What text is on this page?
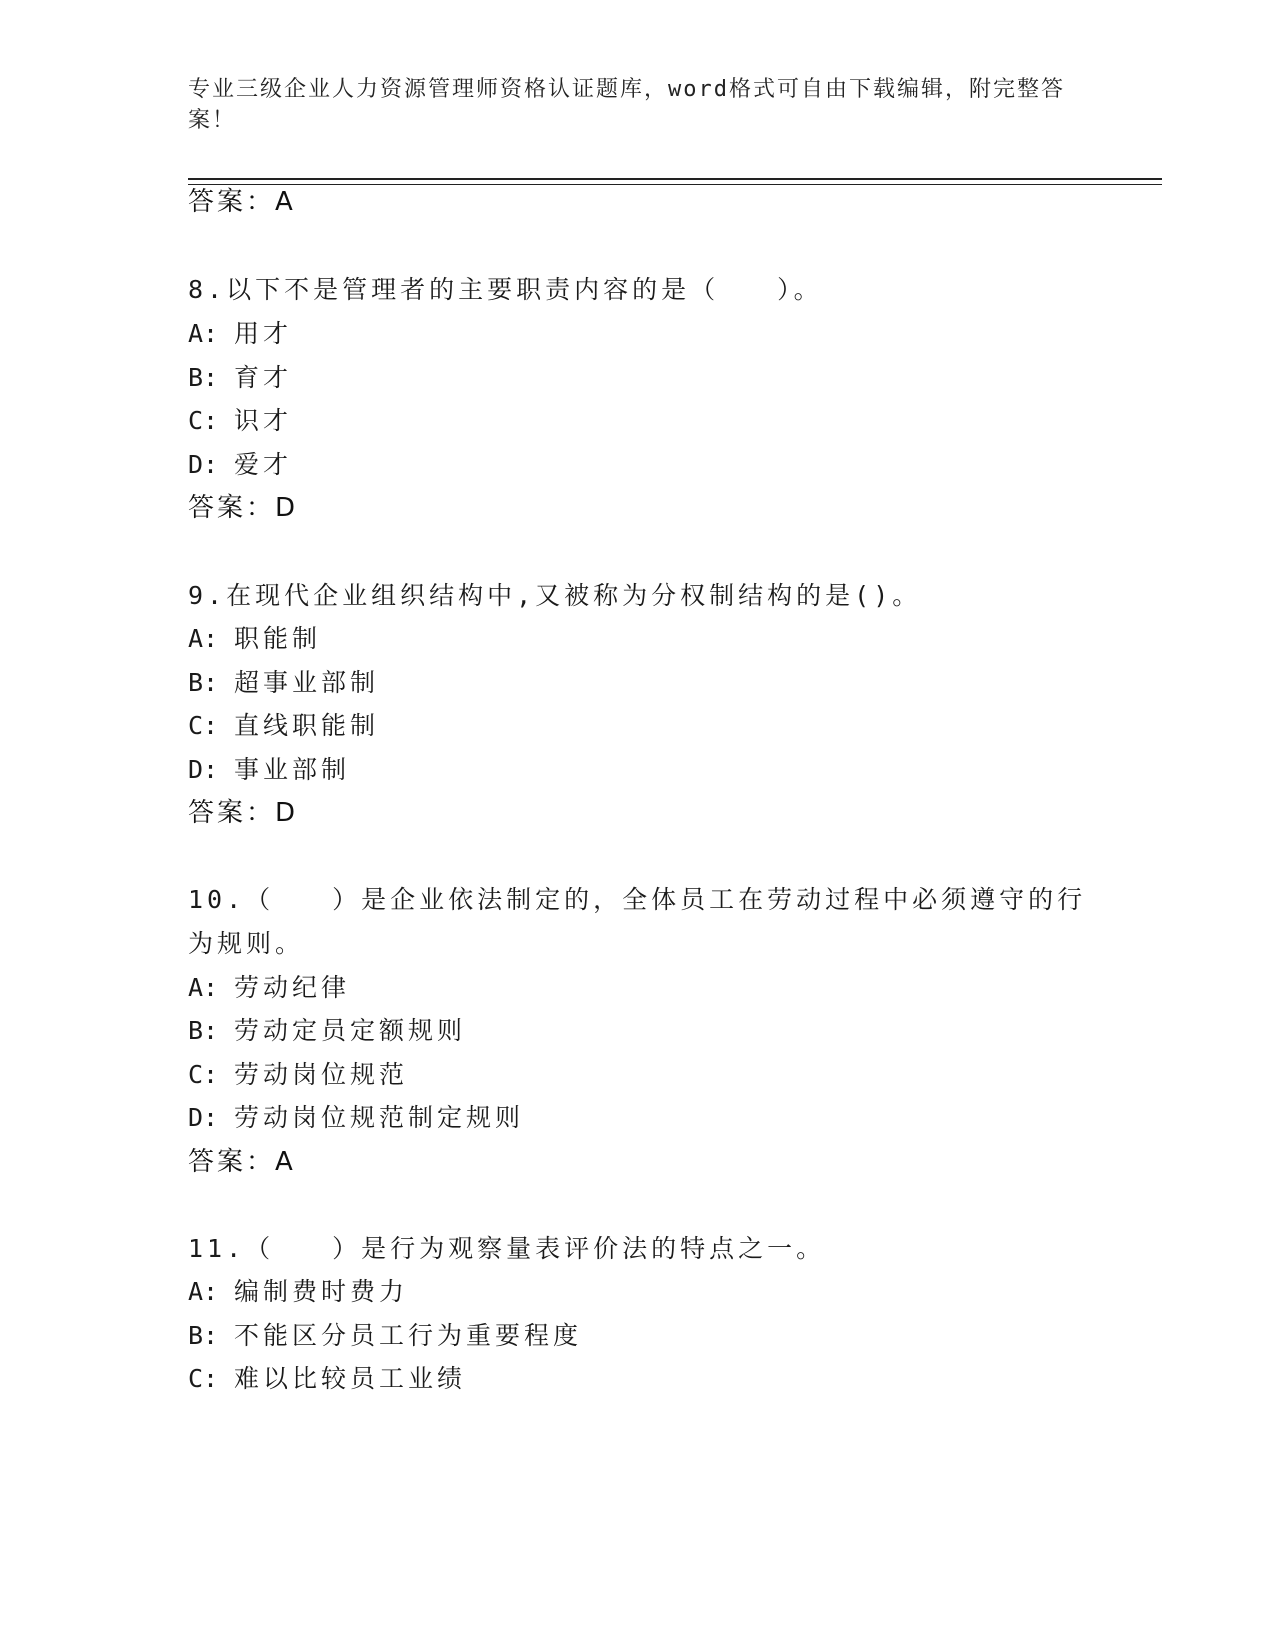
专业三级企业人力资源管理师资格认证题库，word格式可自由下载编辑，附完整答案！
答案：A
8.以下不是管理者的主要职责内容的是（　　）。
A: 用才
B: 育才
C: 识才
D: 爱才
答案：D
9.在现代企业组织结构中,又被称为分权制结构的是()。
A: 职能制
B: 超事业部制
C: 直线职能制
D: 事业部制
答案：D
10.（　　）是企业依法制定的，全体员工在劳动过程中必须遵守的行
为规则。
A: 劳动纪律
B: 劳动定员定额规则
C: 劳动岗位规范
D: 劳动岗位规范制定规则
答案：A
11.（　　）是行为观察量表评价法的特点之一。
A: 编制费时费力
B: 不能区分员工行为重要程度
C: 难以比较员工业绩
